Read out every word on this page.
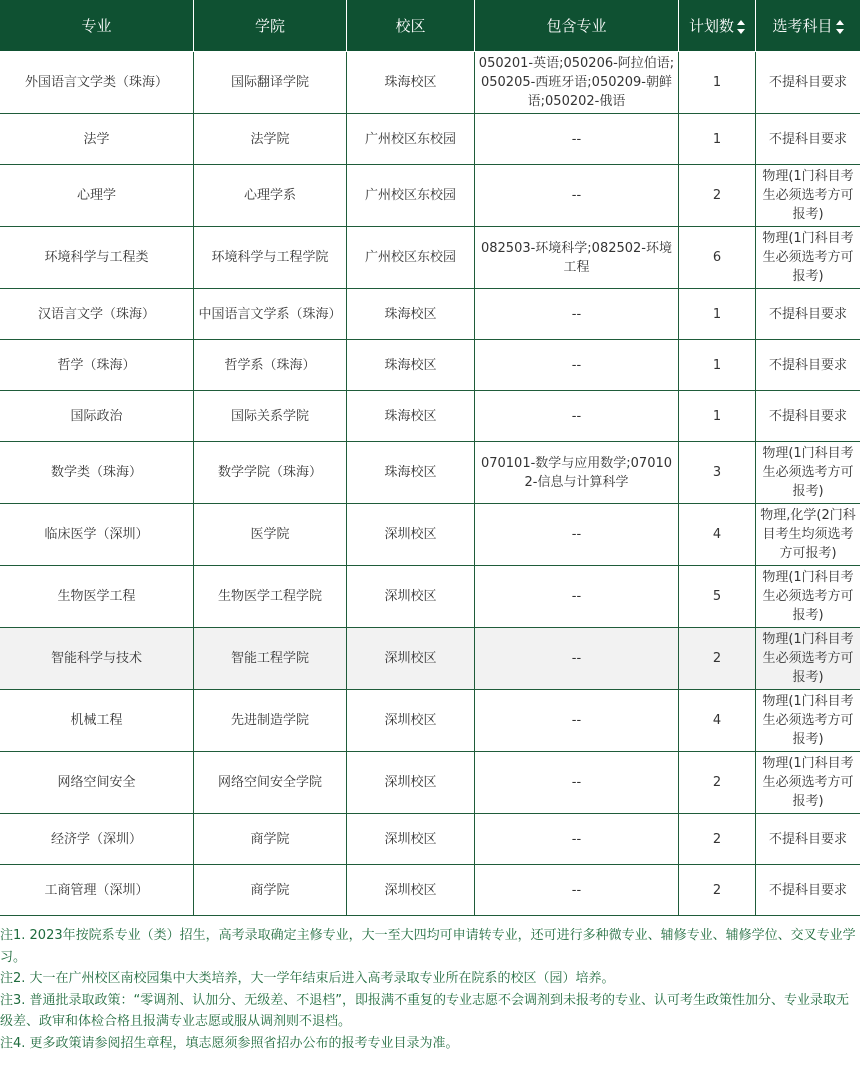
专业	学院	校区	包含专业	计划数	选考科目
外国语言文学类（珠海）	国际翻译学院	珠海校区	050201-英语;050206-阿拉伯语;050205-西班牙语;050209-朝鲜语;050202-俄语	1	不提科目要求
法学	法学院	广州校区东校园	--	1	不提科目要求
心理学	心理学系	广州校区东校园	--	2	物理(1门科目考生必须选考方可报考)
环境科学与工程类	环境科学与工程学院	广州校区东校园	082503-环境科学;082502-环境工程	6	物理(1门科目考生必须选考方可报考)
汉语言文学（珠海）	中国语言文学系（珠海）	珠海校区	--	1	不提科目要求
哲学（珠海）	哲学系（珠海）	珠海校区	--	1	不提科目要求
国际政治	国际关系学院	珠海校区	--	1	不提科目要求
数学类（珠海）	数学学院（珠海）	珠海校区	070101-数学与应用数学;070102-信息与计算科学	3	物理(1门科目考生必须选考方可报考)
临床医学（深圳）	医学院	深圳校区	--	4	物理,化学(2门科目考生均须选考方可报考)
生物医学工程	生物医学工程学院	深圳校区	--	5	物理(1门科目考生必须选考方可报考)
智能科学与技术	智能工程学院	深圳校区	--	2	物理(1门科目考生必须选考方可报考)
机械工程	先进制造学院	深圳校区	--	4	物理(1门科目考生必须选考方可报考)
网络空间安全	网络空间安全学院	深圳校区	--	2	物理(1门科目考生必须选考方可报考)
经济学（深圳）	商学院	深圳校区	--	2	不提科目要求
工商管理（深圳）	商学院	深圳校区	--	2	不提科目要求

注1. 2023年按院系专业（类）招生，高考录取确定主修专业，大一至大四均可申请转专业，还可进行多种微专业、辅修专业、辅修学位、交叉专业学习。

注2. 大一在广州校区南校园集中大类培养，大一学年结束后进入高考录取专业所在院系的校区（园）培养。

注3. 普通批录取政策：“零调剂、认加分、无级差、不退档”，即报满不重复的专业志愿不会调剂到未报考的专业、认可考生政策性加分、专业录取无级差、政审和体检合格且报满专业志愿或服从调剂则不退档。

注4. 更多政策请参阅招生章程，填志愿须参照省招办公布的报考专业目录为准。
